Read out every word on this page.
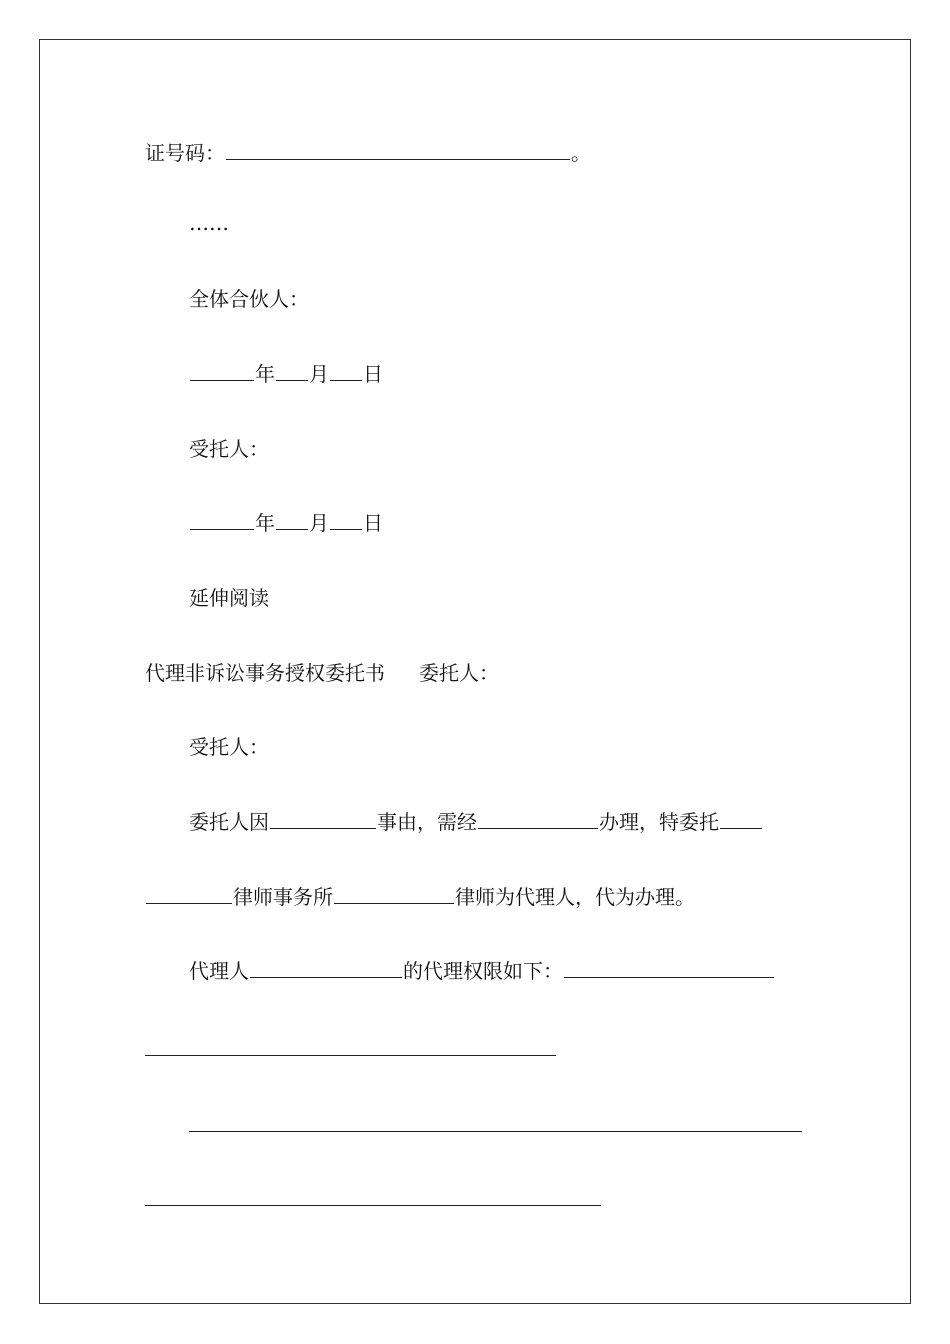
证号码：	。
……
全体合伙人：
年 月 日
受托人：
年 月 日
延伸阅读
代理非诉讼事务授权委托书 委托人：
受托人：
委托人因	事由，需经	办理，特委托
律师事务所	律师为代理人，代为办理。
代理人	的代理权限如下：
